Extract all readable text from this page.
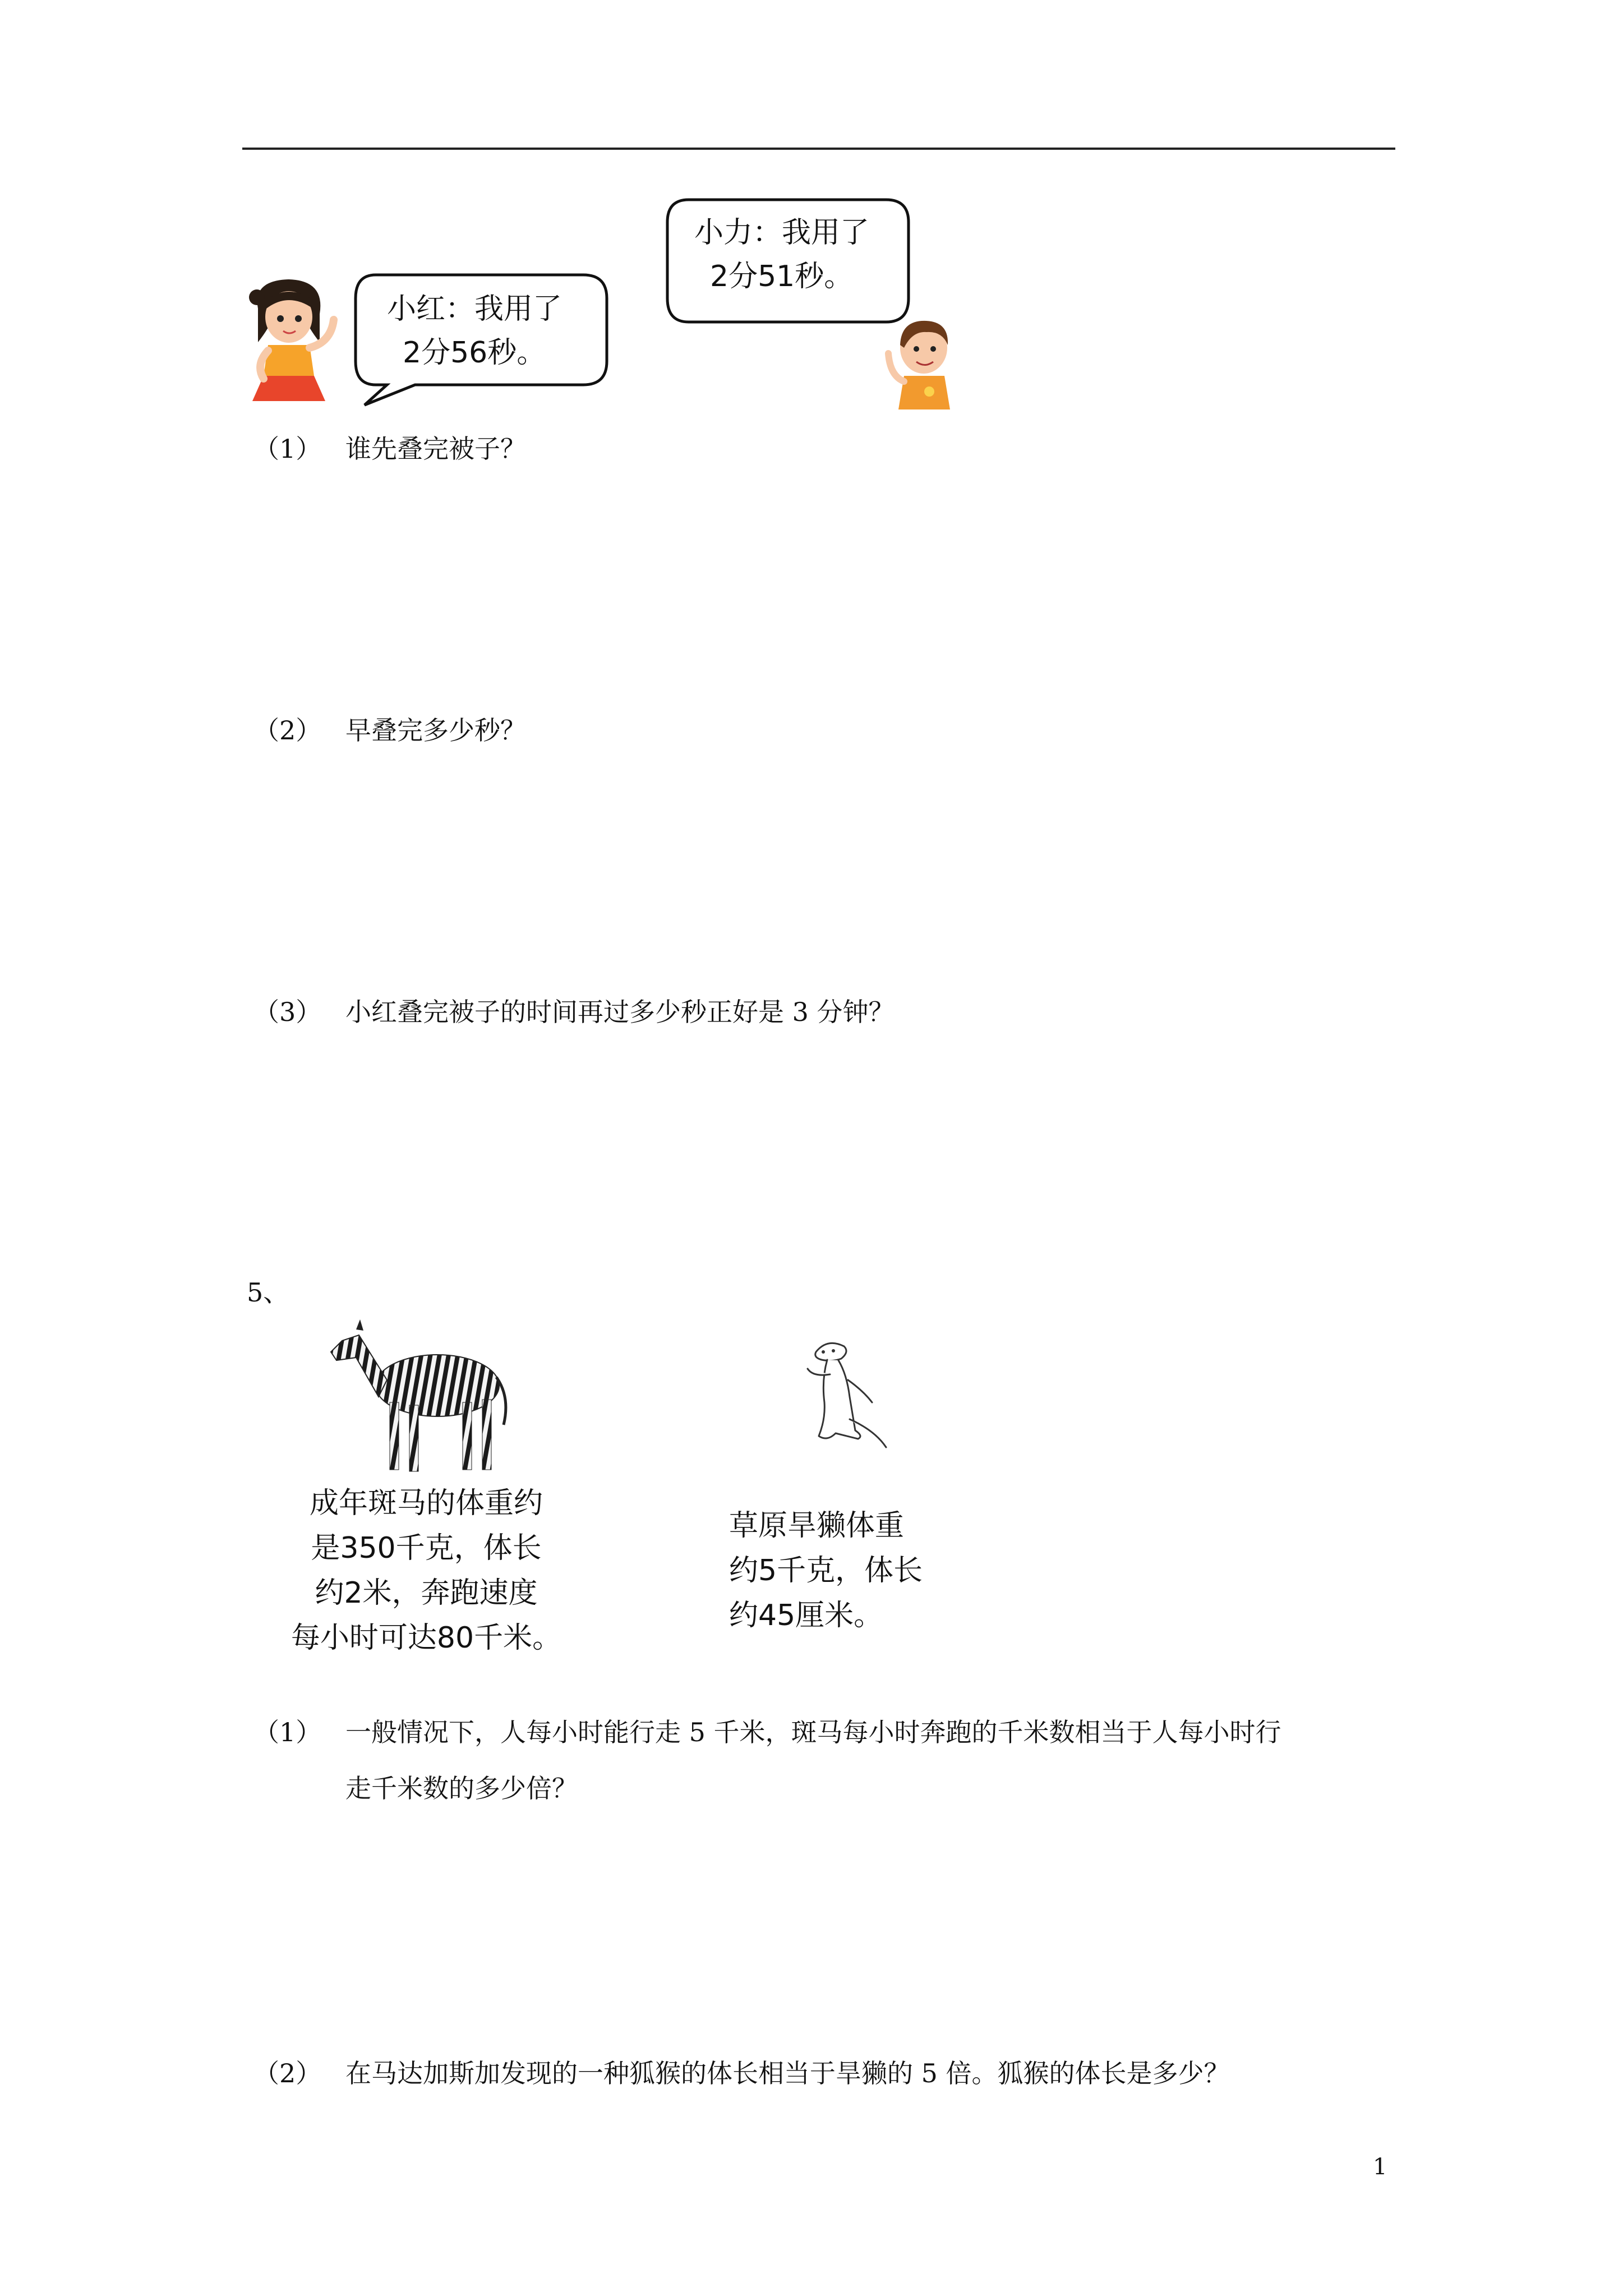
小红：我用了
2分56秒。
小力：我用了
2分51秒。
（1） 谁先叠完被子？
（2） 早叠完多少秒？
（3） 小红叠完被子的时间再过多少秒正好是 3 分钟？
5、
成年斑马的体重约
是350千克，体长
约2米，奔跑速度
每小时可达80千米。
草原旱獭体重
约5千克，体长
约45厘米。
（1） 一般情况下，人每小时能行走 5 千米，斑马每小时奔跑的千米数相当于人每小时行
走千米数的多少倍？
（2） 在马达加斯加发现的一种狐猴的体长相当于旱獭的 5 倍。狐猴的体长是多少？
1
